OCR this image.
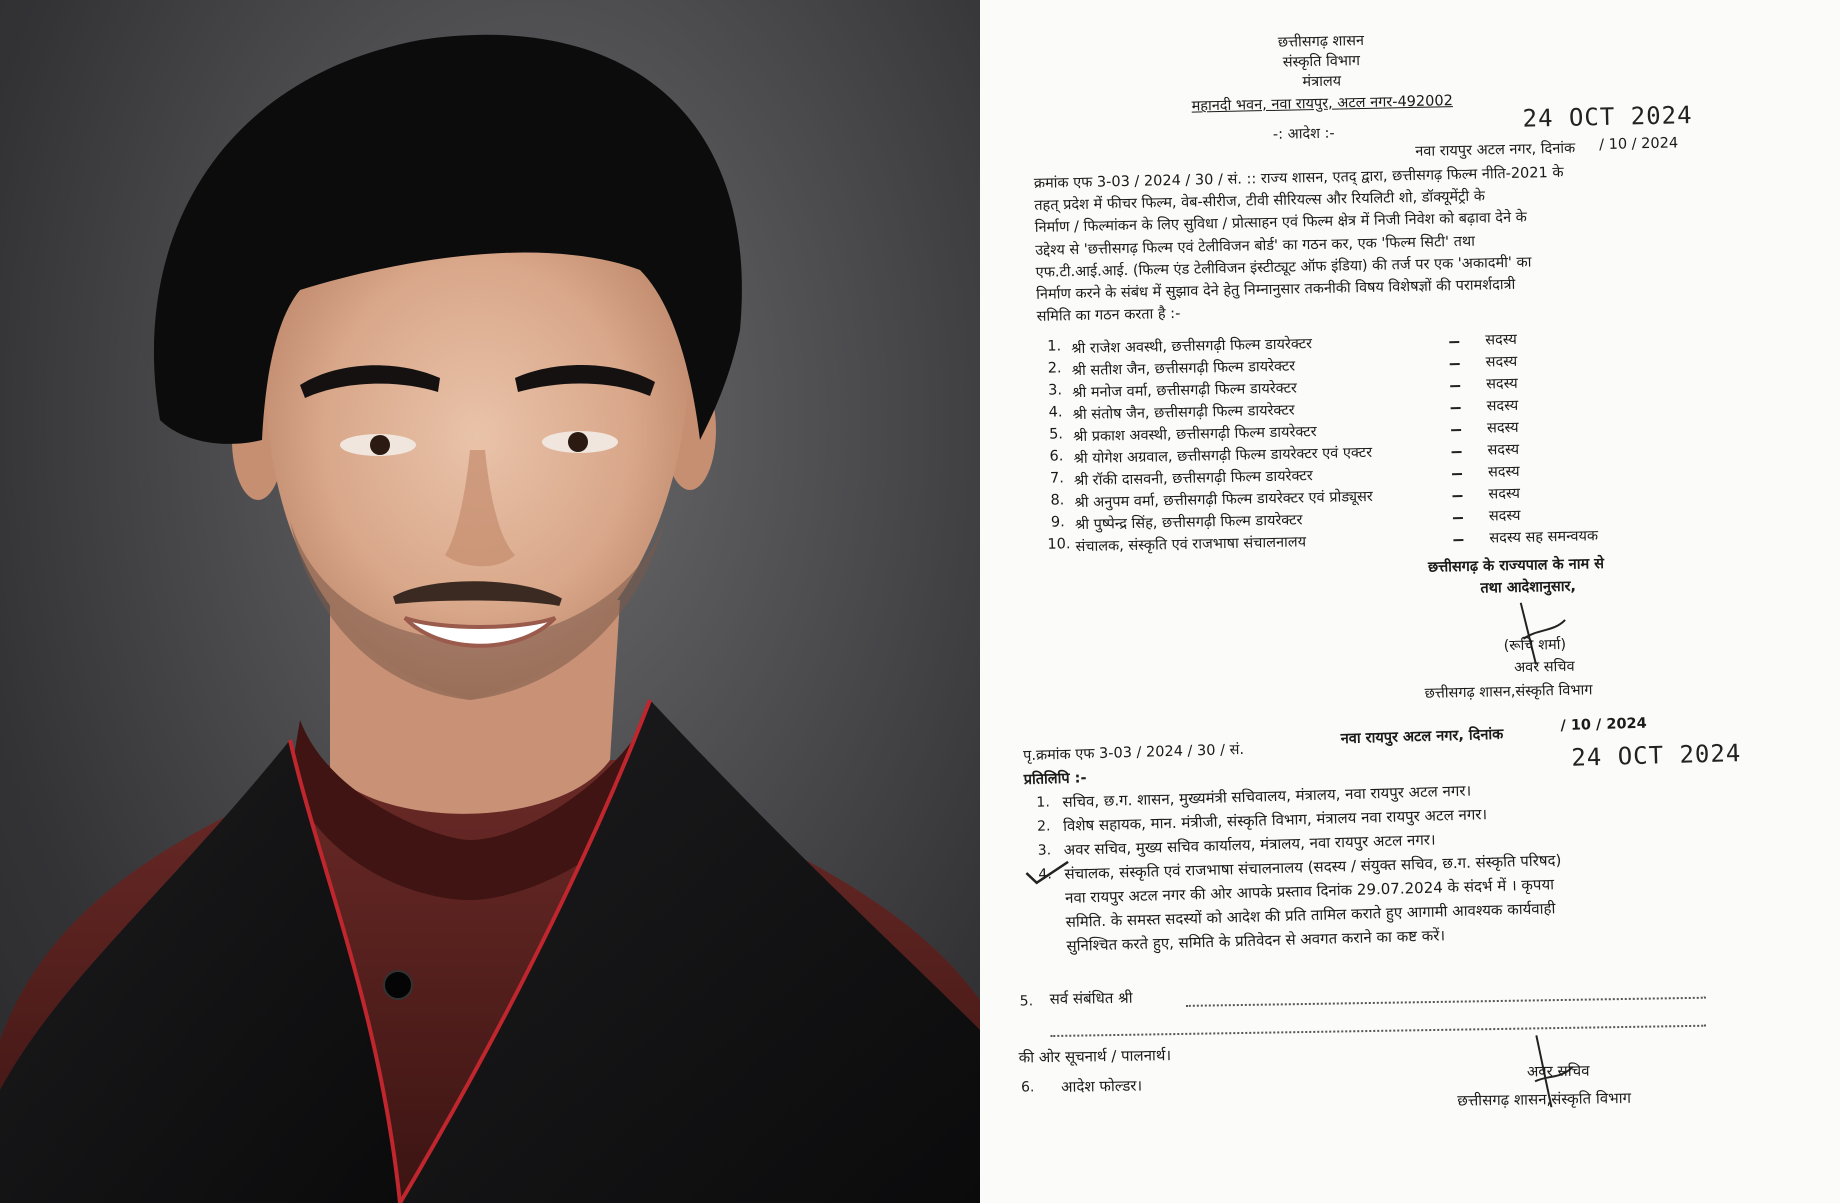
छत्तीसगढ़ शासन
संस्कृति विभाग
मंत्रालय
महानदी भवन, नवा रायपुर, अटल नगर-492002	24 OCT 2024
-: आदेश :-
नवा रायपुर अटल नगर, दिनांक / 10 / 2024
क्रमांक एफ 3-03 / 2024 / 30 / सं. :: राज्य शासन, एतद् द्वारा, छत्तीसगढ़ फिल्म नीति-2021 के
तहत् प्रदेश में फीचर फिल्म, वेब-सीरीज, टीवी सीरियल्स और रियलिटी शो, डॉक्यूमेंट्री के
निर्माण / फिल्मांकन के लिए सुविधा / प्रोत्साहन एवं फिल्म क्षेत्र में निजी निवेश को बढ़ावा देने के
उद्देश्य से 'छत्तीसगढ़ फिल्म एवं टेलीविजन बोर्ड' का गठन कर, एक 'फिल्म सिटी' तथा
एफ.टी.आई.आई. (फिल्म एंड टेलीविजन इंस्टीट्यूट ऑफ इंडिया) की तर्ज पर एक 'अकादमी' का
निर्माण करने के संबंध में सुझाव देने हेतु निम्नानुसार तकनीकी विषय विशेषज्ञों की परामर्शदात्री
समिति का गठन करता है :-
1. श्री राजेश अवस्थी, छत्तीसगढ़ी फिल्म डायरेक्टर	सदस्य
2. श्री सतीश जैन, छत्तीसगढ़ी फिल्म डायरेक्टर	सदस्य
3. श्री मनोज वर्मा, छत्तीसगढ़ी फिल्म डायरेक्टर	सदस्य
4. श्री संतोष जैन, छत्तीसगढ़ी फिल्म डायरेक्टर	सदस्य
5. श्री प्रकाश अवस्थी, छत्तीसगढ़ी फिल्म डायरेक्टर	सदस्य
6. श्री योगेश अग्रवाल, छत्तीसगढ़ी फिल्म डायरेक्टर एवं एक्टर	सदस्य
7. श्री रॉकी दासवनी, छत्तीसगढ़ी फिल्म डायरेक्टर	सदस्य
8. श्री अनुपम वर्मा, छत्तीसगढ़ी फिल्म डायरेक्टर एवं प्रोड्यूसर	सदस्य
9. श्री पुष्पेन्द्र सिंह, छत्तीसगढ़ी फिल्म डायरेक्टर	सदस्य
10. संचालक, संस्कृति एवं राजभाषा संचालनालय	सदस्य सह समन्वयक
छत्तीसगढ़ के राज्यपाल के नाम से
तथा आदेशानुसार,
(रूचि शर्मा)
अवर सचिव
छत्तीसगढ़ शासन,संस्कृति विभाग
पृ.क्रमांक एफ 3-03 / 2024 / 30 / सं.
नवा रायपुर अटल नगर, दिनांक
/ 10 / 2024
24 OCT 2024
प्रतिलिपि :-
1. सचिव, छ.ग. शासन, मुख्यमंत्री सचिवालय, मंत्रालय, नवा रायपुर अटल नगर।
2. विशेष सहायक, मान. मंत्रीजी, संस्कृति विभाग, मंत्रालय नवा रायपुर अटल नगर।
3. अवर सचिव, मुख्य सचिव कार्यालय, मंत्रालय, नवा रायपुर अटल नगर।
4. संचालक, संस्कृति एवं राजभाषा संचालनालय (सदस्य / संयुक्त सचिव, छ.ग. संस्कृति परिषद)
नवा रायपुर अटल नगर की ओर आपके प्रस्ताव दिनांक 29.07.2024 के संदर्भ में । कृपया
समिति. के समस्त सदस्यों को आदेश की प्रति तामिल कराते हुए आगामी आवश्यक कार्यवाही
सुनिश्चित करते हुए, समिति के प्रतिवेदन से अवगत कराने का कष्ट करें।
5. सर्व संबंधित श्री
की ओर सूचनार्थ / पालनार्थ।
6. आदेश फोल्डर।
अवर सचिव
छत्तीसगढ़ शासन,संस्कृति विभाग
